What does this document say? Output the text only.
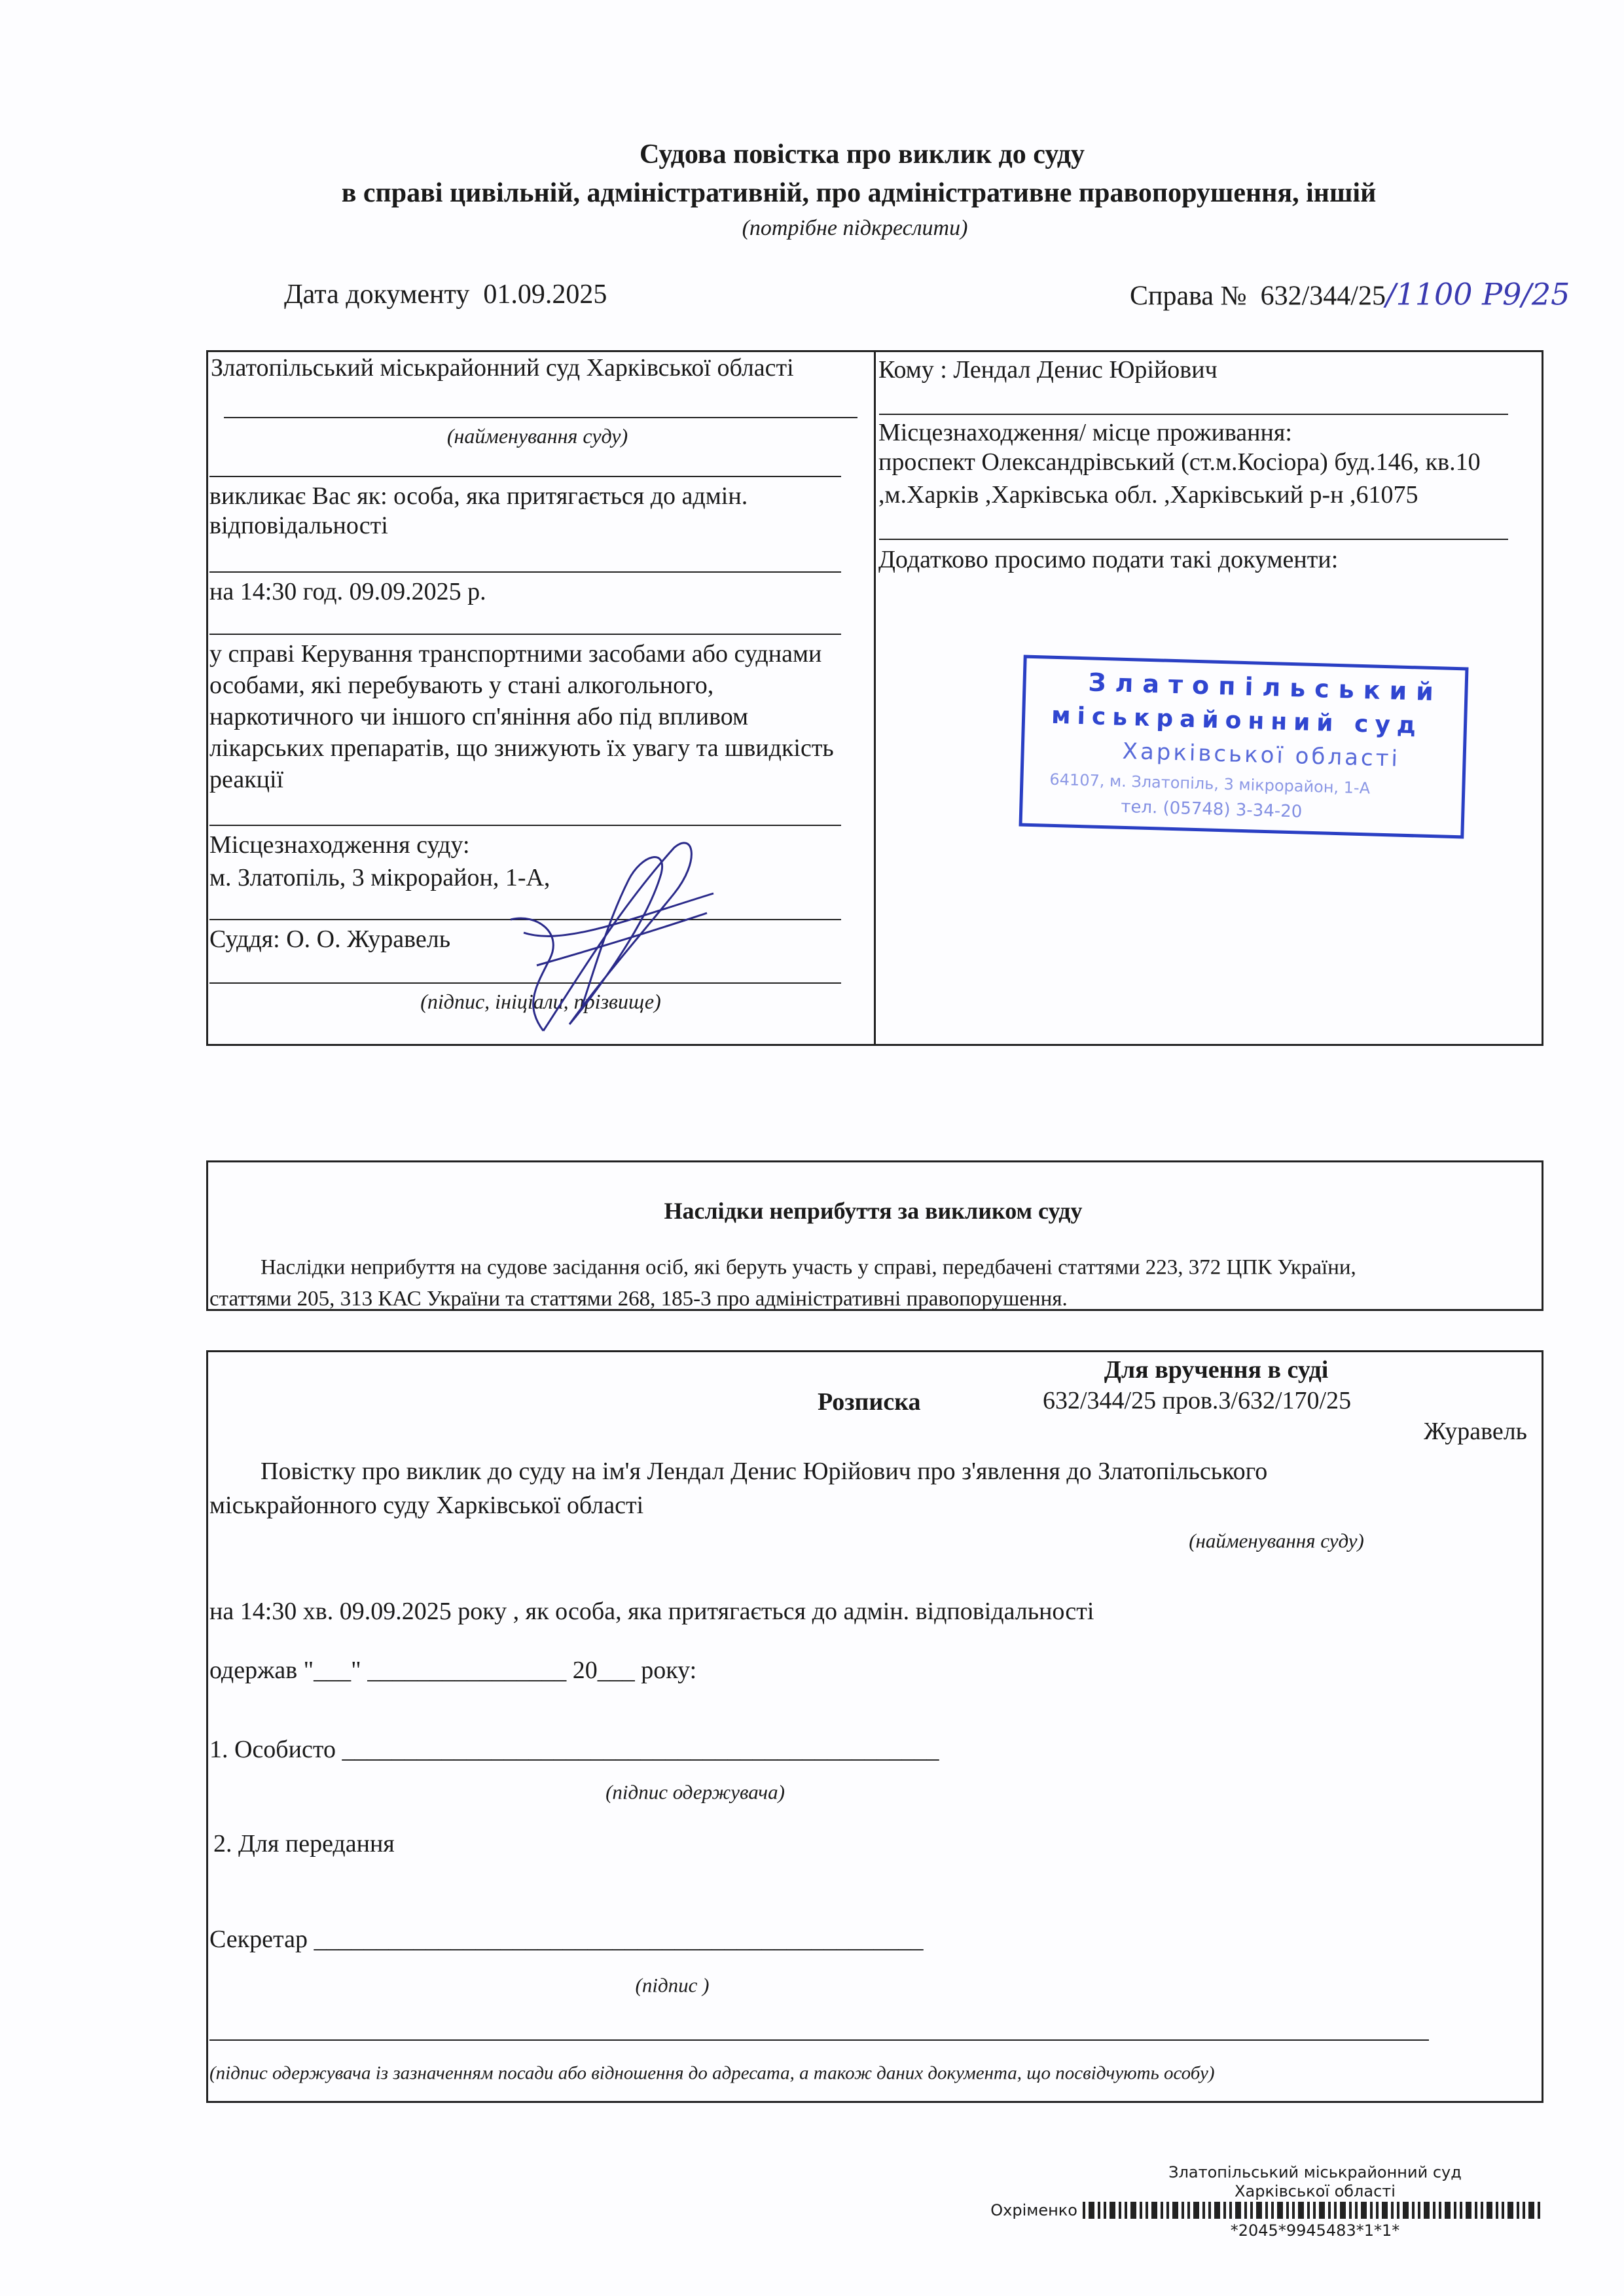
Судова повістка про виклик до суду
в справі цивільній, адміністративній, про адміністративне правопорушення, іншій
(потрібне підкреслити)
Дата документу 01.09.2025	Справа № 632/344/25/1100 Р9/25
Златопільський міськрайонний суд Харківської області
(найменування суду)
викликає Вас як: особа, яка притягається до адмін.
відповідальності
на 14:30 год. 09.09.2025 р.
у справі Керування транспортними засобами або суднами
особами, які перебувають у стані алкогольного,
наркотичного чи іншого сп'яніння або під впливом
лікарських препаратів, що знижують їх увагу та швидкість
реакції
Місцезнаходження суду:
м. Златопіль, 3 мікрорайон, 1-А,
Суддя: О. О. Журавель
(підпис, ініціали, прізвище)
Кому : Лендал Денис Юрійович
Місцезнаходження/ місце проживання:
проспект Олександрівський (ст.м.Косіора) буд.146, кв.10
,м.Харків ,Харківська обл. ,Харківський р-н ,61075
Додатково просимо подати такі документи:
Златопільський
міськрайонний суд
Харківської області
64107, м. Златопіль, 3 мікрорайон, 1-А
тел. (05748) 3-34-20
Наслідки неприбуття за викликом суду
Наслідки неприбуття на судове засідання осіб, які беруть участь у справі, передбачені статтями 223, 372 ЦПК України,
статтями 205, 313 КАС України та статтями 268, 185-3 про адміністративні правопорушення.
Для вручення в суді
Розписка	632/344/25 пров.3/632/170/25
Журавель
Повістку про виклик до суду на ім'я Лендал Денис Юрійович про з'явлення до Златопільського
міськрайонного суду Харківської області
(найменування суду)
на 14:30 хв. 09.09.2025 року , як особа, яка притягається до адмін. відповідальності
одержав "___" ________________ 20___ року:
1. Особисто ________________________________________________
(підпис одержувача)
2. Для передання
Секретар _________________________________________________
(підпис )
(підпис одержувача із зазначенням посади або відношення до адресата, а також даних документа, що посвідчують особу)
Златопільський міськрайонний суд
Харківської області
Охріменко
*2045*9945483*1*1*
